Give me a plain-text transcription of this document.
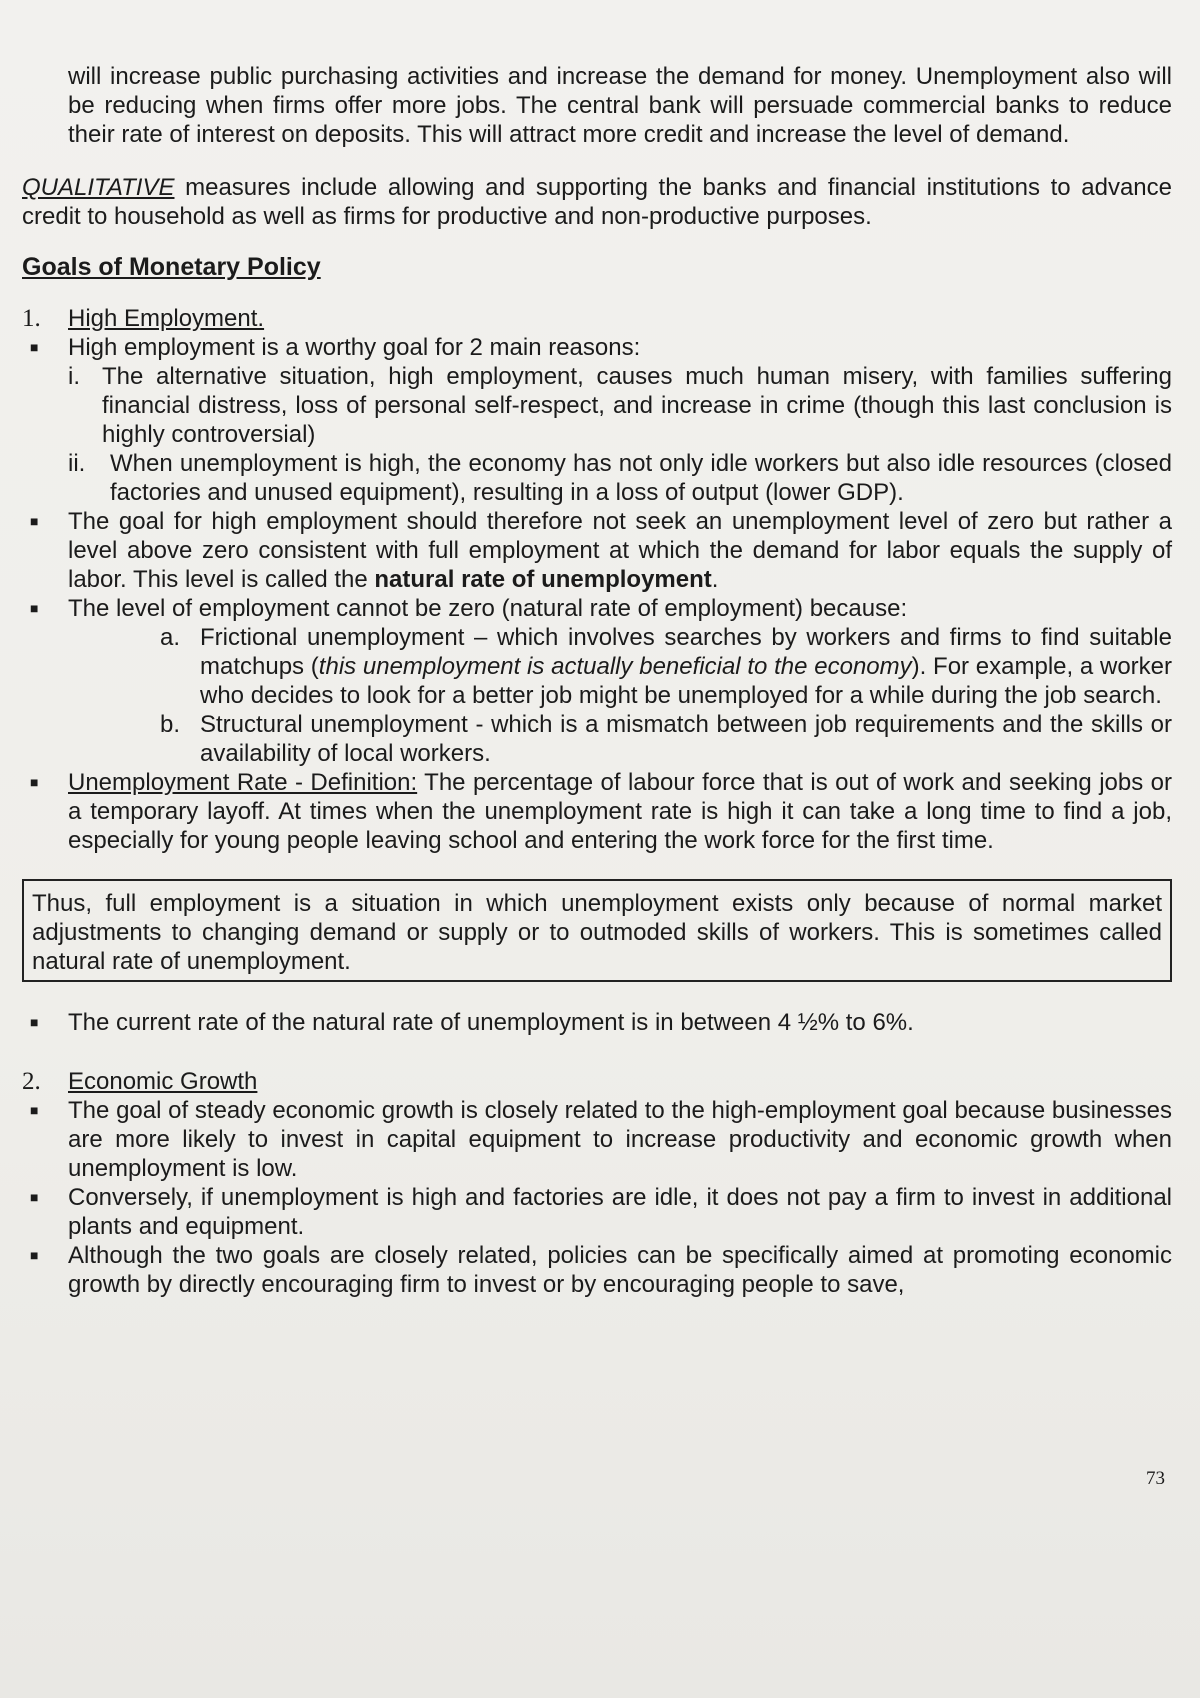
will increase public purchasing activities and increase the demand for money. Unemployment also will be reducing when firms offer more jobs. The central bank will persuade commercial banks to reduce their rate of interest on deposits. This will attract more credit and increase the level of demand.

QUALITATIVE measures include allowing and supporting the banks and financial institutions to advance credit to household as well as firms for productive and non-productive purposes.

Goals of Monetary Policy

1.	High Employment.
■	High employment is a worthy goal for 2 main reasons:
i. The alternative situation, high employment, causes much human misery, with families suffering financial distress, loss of personal self-respect, and increase in crime (though this last conclusion is highly controversial)
ii.	When unemployment is high, the economy has not only idle workers but also idle resources (closed factories and unused equipment), resulting in a loss of output (lower GDP).
■	The goal for high employment should therefore not seek an unemployment level of zero but rather a level above zero consistent with full employment at which the demand for labor equals the supply of labor. This level is called the natural rate of unemployment.
■	The level of employment cannot be zero (natural rate of employment) because:
a. Frictional unemployment – which involves searches by workers and firms to find suitable matchups (this unemployment is actually beneficial to the economy). For example, a worker who decides to look for a better job might be unemployed for a while during the job search.
b. Structural unemployment - which is a mismatch between job requirements and the skills or availability of local workers.
■	Unemployment Rate - Definition: The percentage of labour force that is out of work and seeking jobs or a temporary layoff. At times when the unemployment rate is high it can take a long time to find a job, especially for young people leaving school and entering the work force for the first time.
Thus, full employment is a situation in which unemployment exists only because of normal market adjustments to changing demand or supply or to outmoded skills of workers. This is sometimes called natural rate of unemployment.
■	The current rate of the natural rate of unemployment is in between 4 ½% to 6%.
2.	Economic Growth
■	The goal of steady economic growth is closely related to the high-employment goal because businesses are more likely to invest in capital equipment to increase productivity and economic growth when unemployment is low.
■	Conversely, if unemployment is high and factories are idle, it does not pay a firm to invest in additional plants and equipment.
■	Although the two goals are closely related, policies can be specifically aimed at promoting economic growth by directly encouraging firm to invest or by encouraging people to save,
73
